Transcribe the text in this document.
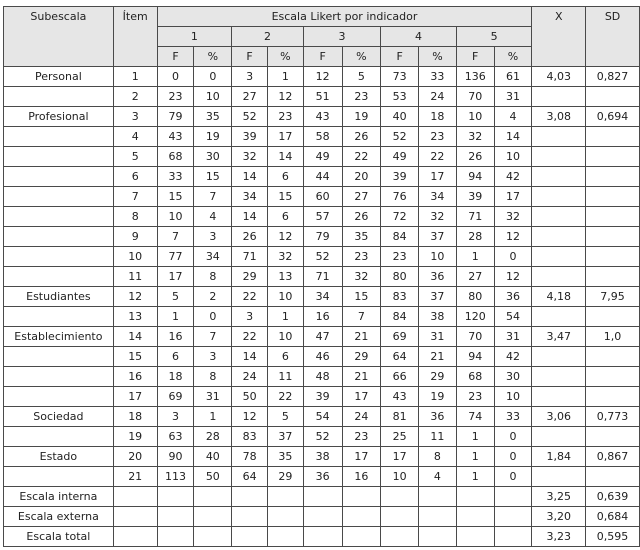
Subescala	Ítem	Escala Likert por indicador										X	SD
		1		2		3		4		5			
		F	%	F	%	F	%	F	%	F	%		
Personal	1	0	0	3	1	12	5	73	33	136	61	4,03	0,827
	2	23	10	27	12	51	23	53	24	70	31		
Profesional	3	79	35	52	23	43	19	40	18	10	4	3,08	0,694
	4	43	19	39	17	58	26	52	23	32	14		
	5	68	30	32	14	49	22	49	22	26	10		
	6	33	15	14	6	44	20	39	17	94	42		
	7	15	7	34	15	60	27	76	34	39	17		
	8	10	4	14	6	57	26	72	32	71	32		
	9	7	3	26	12	79	35	84	37	28	12		
	10	77	34	71	32	52	23	23	10	1	0		
	11	17	8	29	13	71	32	80	36	27	12		
Estudiantes	12	5	2	22	10	34	15	83	37	80	36	4,18	7,95
	13	1	0	3	1	16	7	84	38	120	54		
Establecimiento	14	16	7	22	10	47	21	69	31	70	31	3,47	1,0
	15	6	3	14	6	46	29	64	21	94	42		
	16	18	8	24	11	48	21	66	29	68	30		
	17	69	31	50	22	39	17	43	19	23	10		
Sociedad	18	3	1	12	5	54	24	81	36	74	33	3,06	0,773
	19	63	28	83	37	52	23	25	11	1	0		
Estado	20	90	40	78	35	38	17	17	8	1	0	1,84	0,867
	21	113	50	64	29	36	16	10	4	1	0		
Escala interna												3,25	0,639
Escala externa												3,20	0,684
Escala total												3,23	0,595
